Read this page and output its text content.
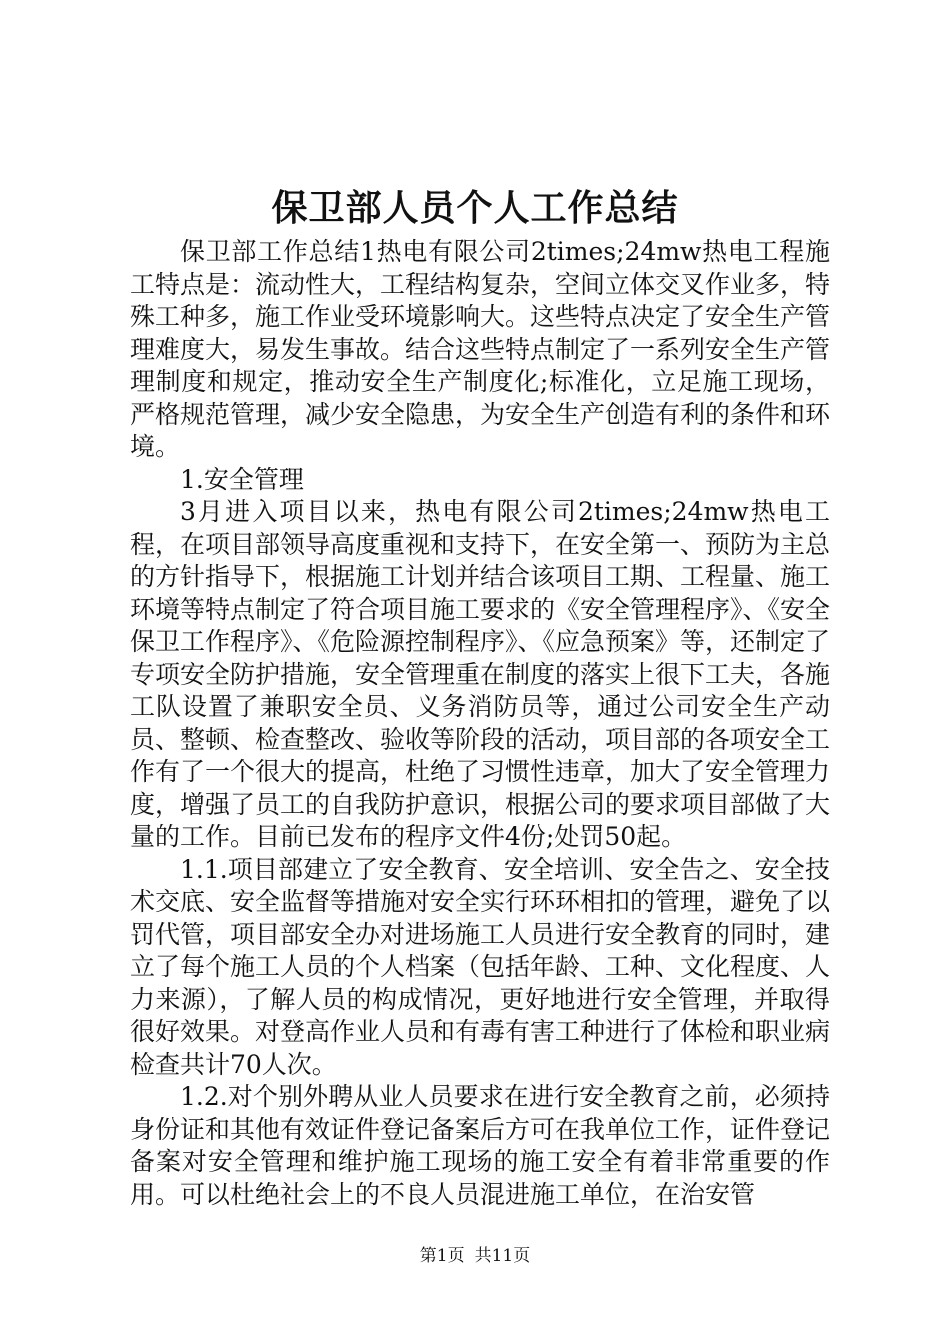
保卫部人员个人工作总结

保卫部工作总结1热电有限公司2times;24mw热电工程施工特点是：流动性大，工程结构复杂，空间立体交叉作业多，特殊工种多，施工作业受环境影响大。这些特点决定了安全生产管理难度大，易发生事故。结合这些特点制定了一系列安全生产管理制度和规定，推动安全生产制度化;标准化，立足施工现场，严格规范管理，减少安全隐患，为安全生产创造有利的条件和环境。

1.安全管理

3月进入项目以来，热电有限公司2times;24mw热电工程，在项目部领导高度重视和支持下，在安全第一、预防为主总的方针指导下，根据施工计划并结合该项目工期、工程量、施工环境等特点制定了符合项目施工要求的《安全管理程序》、《安全保卫工作程序》、《危险源控制程序》、《应急预案》等，还制定了专项安全防护措施，安全管理重在制度的落实上很下工夫，各施工队设置了兼职安全员、义务消防员等，通过公司安全生产动员、整顿、检查整改、验收等阶段的活动，项目部的各项安全工作有了一个很大的提高，杜绝了习惯性违章，加大了安全管理力度，增强了员工的自我防护意识，根据公司的要求项目部做了大量的工作。目前已发布的程序文件4份;处罚50起。

1.1.项目部建立了安全教育、安全培训、安全告之、安全技术交底、安全监督等措施对安全实行环环相扣的管理，避免了以罚代管，项目部安全办对进场施工人员进行安全教育的同时，建立了每个施工人员的个人档案（包括年龄、工种、文化程度、人力来源），了解人员的构成情况，更好地进行安全管理，并取得很好效果。对登高作业人员和有毒有害工种进行了体检和职业病检查共计70人次。

1.2.对个别外聘从业人员要求在进行安全教育之前，必须持身份证和其他有效证件登记备案后方可在我单位工作，证件登记备案对安全管理和维护施工现场的施工安全有着非常重要的作用。可以杜绝社会上的不良人员混进施工单位，在治安管

第1页 共11页
